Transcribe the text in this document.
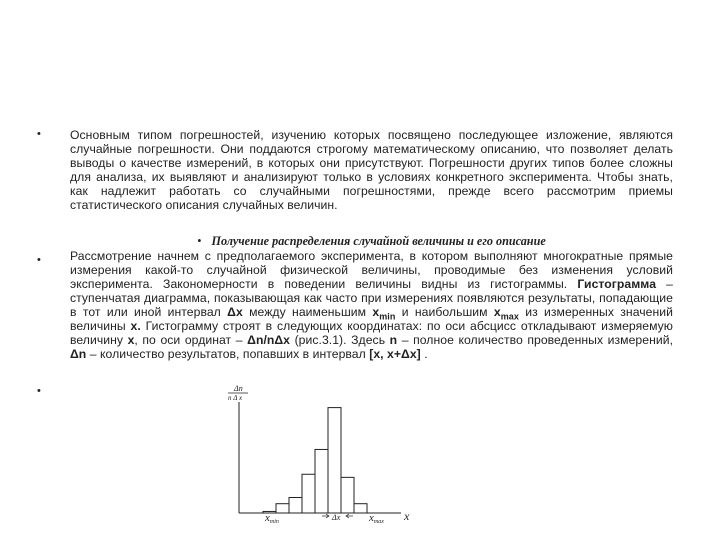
•
•
•
Основным типом погрешностей, изучению которых посвящено последующее изложение, являются случайные погрешности. Они поддаются строгому математическому описанию, что позволяет делать выводы о качестве измерений, в которых они присутствуют. Погрешности других типов более сложны для анализа, их выявляют и анализируют только в условиях конкретного эксперимента. Чтобы знать, как надлежит работать со случайными погрешностями, прежде всего рассмотрим приемы статистического описания случайных величин.
• Получение распределения случайной величины и его описание
Рассмотрение начнем с предполагаемого эксперимента, в котором выполняют многократные прямые измерения какой-то случайной физической величины, проводимые без изменения условий эксперимента. Закономерности в поведении величины видны из гистограммы. Гистограмма – ступенчатая диаграмма, показывающая как часто при измерениях появляются результаты, попадающие в тот или иной интервал Δх между наименьшим $х_{min}$ и наибольшим $х_{max}$ из измеренных значений величины х. Гистограмму строят в следующих координатах: по оси абсцисс откладывают измеряемую величину х, по оси ординат – Δn/nΔх (рис.3.1). Здесь n – полное количество проведенных измерений, Δn – количество результатов, попавших в интервал [х, х+Δх] .
Δn
n Δ x
xmin	Δx	xmax x
